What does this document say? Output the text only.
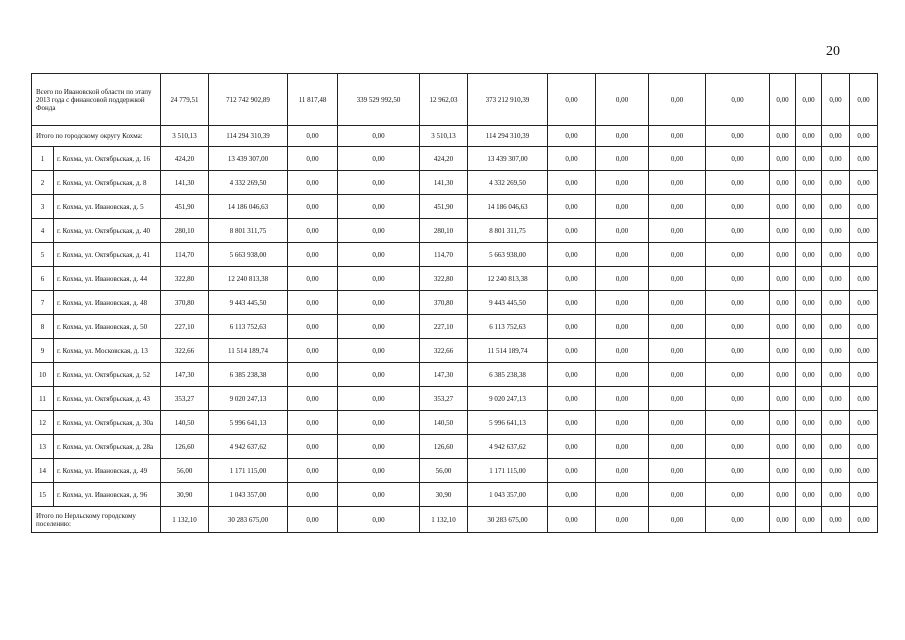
20
Всего по Ивановской области по этапу 2013 года с финансовой поддержкой Фонда		24 779,51	712 742 902,89	11 817,48	339 529 992,50	12 962,03	373 212 910,39	0,00	0,00	0,00	0,00	0,00	0,00	0,00	0,00
Итого по городскому округу Кохма:		3 510,13	114 294 310,39	0,00	0,00	3 510,13	114 294 310,39	0,00	0,00	0,00	0,00	0,00	0,00	0,00	0,00
1	г. Кохма, ул. Октябрьская, д. 16	424,20	13 439 307,00	0,00	0,00	424,20	13 439 307,00	0,00	0,00	0,00	0,00	0,00	0,00	0,00	0,00
2	г. Кохма, ул. Октябрьская, д. 8	141,30	4 332 269,50	0,00	0,00	141,30	4 332 269,50	0,00	0,00	0,00	0,00	0,00	0,00	0,00	0,00
3	г. Кохма, ул. Ивановская, д. 5	451,90	14 186 046,63	0,00	0,00	451,90	14 186 046,63	0,00	0,00	0,00	0,00	0,00	0,00	0,00	0,00
4	г. Кохма, ул. Октябрьская, д. 40	280,10	8 801 311,75	0,00	0,00	280,10	8 801 311,75	0,00	0,00	0,00	0,00	0,00	0,00	0,00	0,00
5	г. Кохма, ул. Октябрьская, д. 41	114,70	5 663 938,00	0,00	0,00	114,70	5 663 938,00	0,00	0,00	0,00	0,00	0,00	0,00	0,00	0,00
6	г. Кохма, ул. Ивановская, д. 44	322,80	12 240 813,38	0,00	0,00	322,80	12 240 813,38	0,00	0,00	0,00	0,00	0,00	0,00	0,00	0,00
7	г. Кохма, ул. Ивановская, д. 48	370,80	9 443 445,50	0,00	0,00	370,80	9 443 445,50	0,00	0,00	0,00	0,00	0,00	0,00	0,00	0,00
8	г. Кохма, ул. Ивановская, д. 50	227,10	6 113 752,63	0,00	0,00	227,10	6 113 752,63	0,00	0,00	0,00	0,00	0,00	0,00	0,00	0,00
9	г. Кохма, ул. Московская, д. 13	322,66	11 514 189,74	0,00	0,00	322,66	11 514 189,74	0,00	0,00	0,00	0,00	0,00	0,00	0,00	0,00
10	г. Кохма, ул. Октябрьская, д. 52	147,30	6 385 238,38	0,00	0,00	147,30	6 385 238,38	0,00	0,00	0,00	0,00	0,00	0,00	0,00	0,00
11	г. Кохма, ул. Октябрьская, д. 43	353,27	9 020 247,13	0,00	0,00	353,27	9 020 247,13	0,00	0,00	0,00	0,00	0,00	0,00	0,00	0,00
12	г. Кохма, ул. Октябрьская, д. 30а	140,50	5 996 641,13	0,00	0,00	140,50	5 996 641,13	0,00	0,00	0,00	0,00	0,00	0,00	0,00	0,00
13	г. Кохма, ул. Октябрьская, д. 28а	126,60	4 942 637,62	0,00	0,00	126,60	4 942 637,62	0,00	0,00	0,00	0,00	0,00	0,00	0,00	0,00
14	г. Кохма, ул. Ивановская, д. 49	56,00	1 171 115,00	0,00	0,00	56,00	1 171 115,00	0,00	0,00	0,00	0,00	0,00	0,00	0,00	0,00
15	г. Кохма, ул. Ивановская, д. 96	30,90	1 043 357,00	0,00	0,00	30,90	1 043 357,00	0,00	0,00	0,00	0,00	0,00	0,00	0,00	0,00
Итого по Нерльскому городскому поселению:		1 132,10	30 283 675,00	0,00	0,00	1 132,10	30 283 675,00	0,00	0,00	0,00	0,00	0,00	0,00	0,00	0,00
